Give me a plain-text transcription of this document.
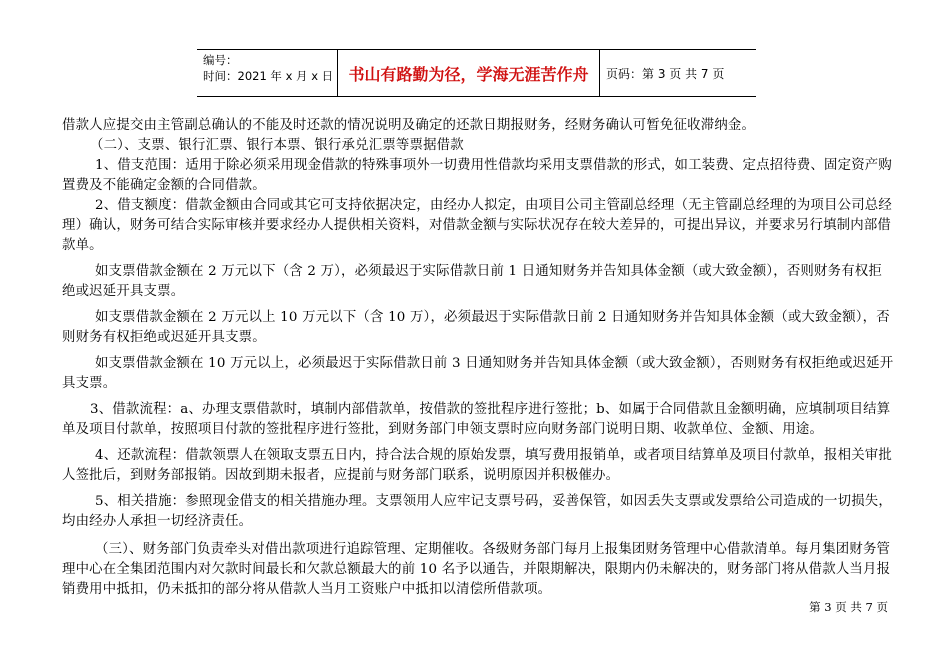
编号：
时间：2021 年 x 月 x 日 书山有路勤为径，学海无涯苦作舟	页码：第 3 页 共 7 页

借款人应提交由主管副总确认的不能及时还款的情况说明及确定的还款日期报财务，经财务确认可暂免征收滞纳金。

（二）、支票、银行汇票、银行本票、银行承兑汇票等票据借款

1、借支范围：适用于除必须采用现金借款的特殊事项外一切费用性借款均采用支票借款的形式，如工装费、定点招待费、固定资产购置费及不能确定金额的合同借款。

2、借支额度：借款金额由合同或其它可支持依据决定，由经办人拟定，由项目公司主管副总经理（无主管副总经理的为项目公司总经理）确认，财务可结合实际审核并要求经办人提供相关资料，对借款金额与实际状况存在较大差异的，可提出异议，并要求另行填制内部借款单。

如支票借款金额在 2 万元以下（含 2 万），必须最迟于实际借款日前 1 日通知财务并告知具体金额（或大致金额），否则财务有权拒绝或迟延开具支票。

如支票借款金额在 2 万元以上 10 万元以下（含 10 万），必须最迟于实际借款日前 2 日通知财务并告知具体金额（或大致金额），否则财务有权拒绝或迟延开具支票。

如支票借款金额在 10 万元以上，必须最迟于实际借款日前 3 日通知财务并告知具体金额（或大致金额），否则财务有权拒绝或迟延开具支票。

3、借款流程：a、办理支票借款时，填制内部借款单，按借款的签批程序进行签批；b、如属于合同借款且金额明确，应填制项目结算单及项目付款单，按照项目付款的签批程序进行签批，到财务部门申领支票时应向财务部门说明日期、收款单位、金额、用途。

4、还款流程：借款领票人在领取支票五日内，持合法合规的原始发票，填写费用报销单，或者项目结算单及项目付款单，报相关审批人签批后，到财务部报销。因故到期未报者，应提前与财务部门联系，说明原因并积极催办。

5、相关措施：参照现金借支的相关措施办理。支票领用人应牢记支票号码，妥善保管，如因丢失支票或发票给公司造成的一切损失，均由经办人承担一切经济责任。

（三）、财务部门负责牵头对借出款项进行追踪管理、定期催收。各级财务部门每月上报集团财务管理中心借款清单。每月集团财务管理中心在全集团范围内对欠款时间最长和欠款总额最大的前 10 名予以通告，并限期解决，限期内仍未解决的，财务部门将从借款人当月报销费用中抵扣，仍未抵扣的部分将从借款人当月工资账户中抵扣以清偿所借款项。

第 3 页 共 7 页
